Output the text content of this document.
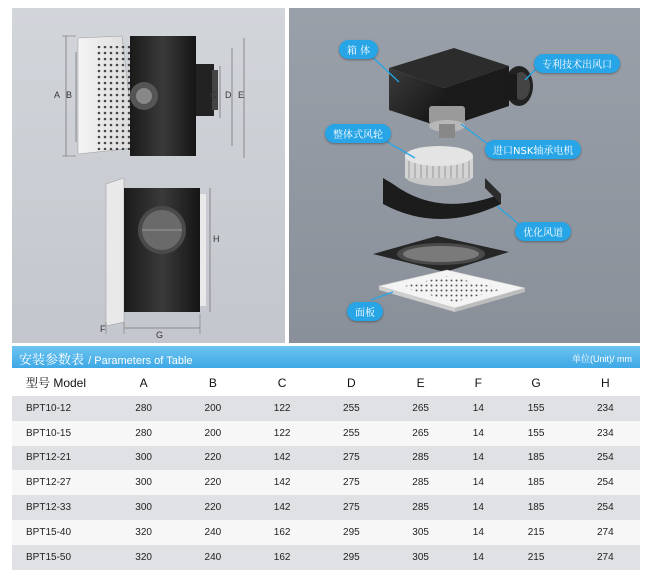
A B	C D E
H
F
G
箱 体
专利技术出风口
整体式风轮
进口NSK轴承电机
优化风道
面板
安装参数表 / Parameters of Table	单位(Unit)/ mm
型号 Model	A	B	C	D	E	F	G	H
BPT10-12	280	200	122	255	265	14	155	234
BPT10-15	280	200	122	255	265	14	155	234
BPT12-21	300	220	142	275	285	14	185	254
BPT12-27	300	220	142	275	285	14	185	254
BPT12-33	300	220	142	275	285	14	185	254
BPT15-40	320	240	162	295	305	14	215	274
BPT15-50	320	240	162	295	305	14	215	274
